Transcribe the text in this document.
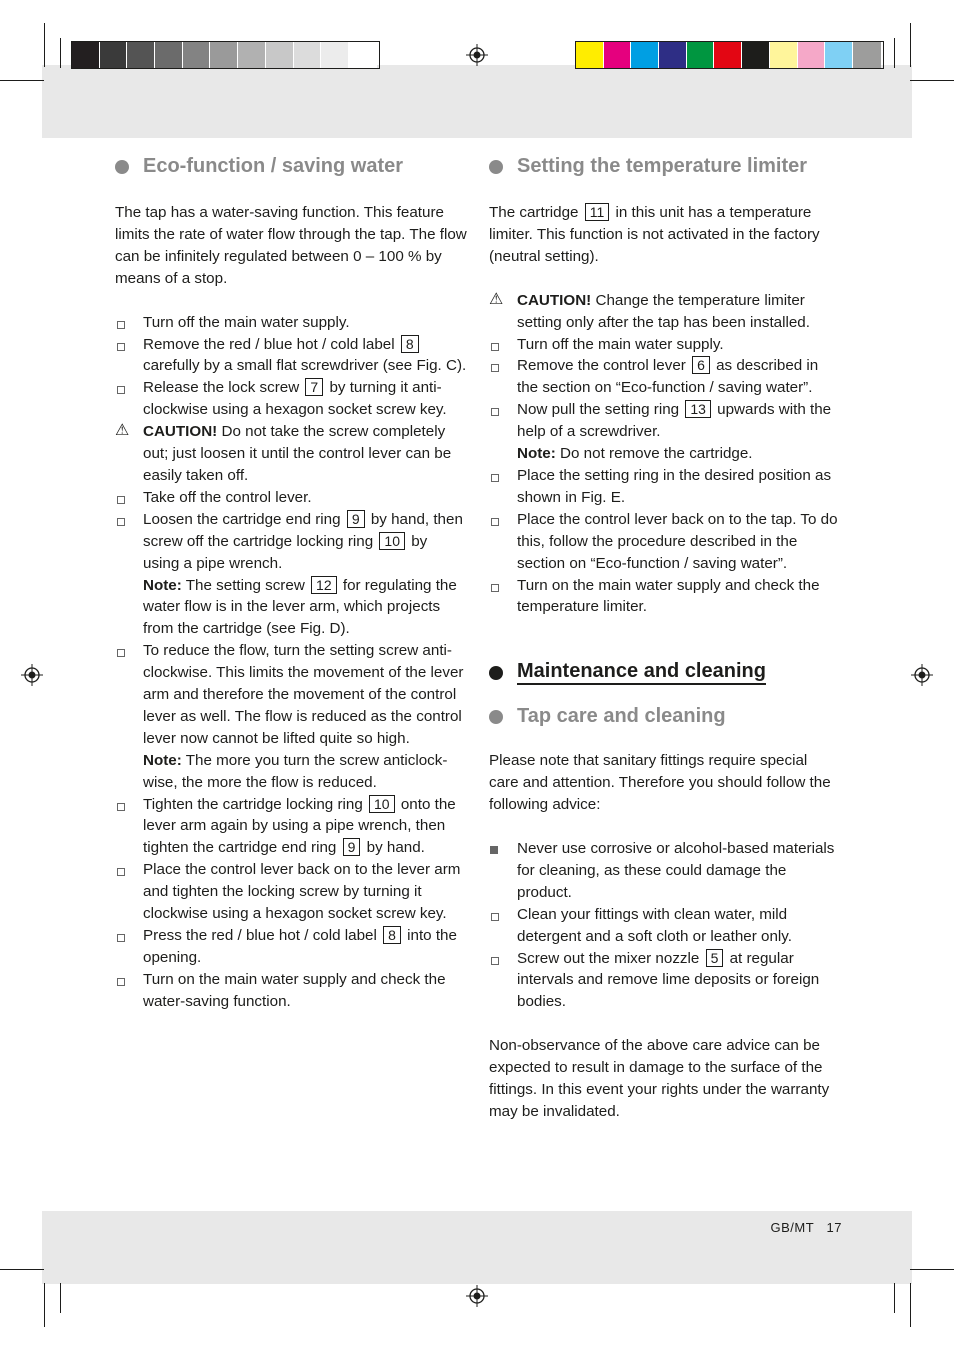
Eco-function / saving water

The tap has a water-saving function. This feature limits the rate of water flow through the tap. The flow can be infinitely regulated between 0 – 100 % by means of a stop.

Turn off the main water supply.
Remove the red / blue hot / cold label 8 carefully by a small flat screwdriver (see Fig. C).
Release the lock screw 7 by turning it anti-clockwise using a hexagon socket screw key.
⚠ CAUTION! Do not take the screw completely out; just loosen it until the control lever can be easily taken off.
Take off the control lever.
Loosen the cartridge end ring 9 by hand, then screw off the cartridge locking ring 10 by using a pipe wrench.
Note: The setting screw 12 for regulating the water flow is in the lever arm, which projects from the cartridge (see Fig. D).
To reduce the flow, turn the setting screw anti-clockwise. This limits the movement of the lever arm and therefore the movement of the control lever as well. The flow is reduced as the control lever now cannot be lifted quite so high.
Note: The more you turn the screw anticlock-wise, the more the flow is reduced.
Tighten the cartridge locking ring 10 onto the lever arm again by using a pipe wrench, then tighten the cartridge end ring 9 by hand.
Place the control lever back on to the lever arm and tighten the locking screw by turning it clockwise using a hexagon socket screw key.
Press the red / blue hot / cold label 8 into the opening.
Turn on the main water supply and check the water-saving function.
Setting the temperature limiter

The cartridge 11 in this unit has a temperature limiter. This function is not activated in the factory (neutral setting).

⚠ CAUTION! Change the temperature limiter setting only after the tap has been installed.
Turn off the main water supply.
Remove the control lever 6 as described in the section on “Eco-function / saving water”.
Now pull the setting ring 13 upwards with the help of a screwdriver.
Note: Do not remove the cartridge.
Place the setting ring in the desired position as shown in Fig. E.
Place the control lever back on to the tap. To do this, follow the procedure described in the section on “Eco-function / saving water”.
Turn on the main water supply and check the temperature limiter.
Maintenance and cleaning
Tap care and cleaning

Please note that sanitary fittings require special care and attention. Therefore you should follow the following advice:

Never use corrosive or alcohol-based materials for cleaning, as these could damage the product.
Clean your fittings with clean water, mild detergent and a soft cloth or leather only.
Screw out the mixer nozzle 5 at regular intervals and remove lime deposits or foreign bodies.

Non-observance of the above care advice can be expected to result in damage to the surface of the fittings. In this event your rights under the warranty may be invalidated.

GB/MT 17
